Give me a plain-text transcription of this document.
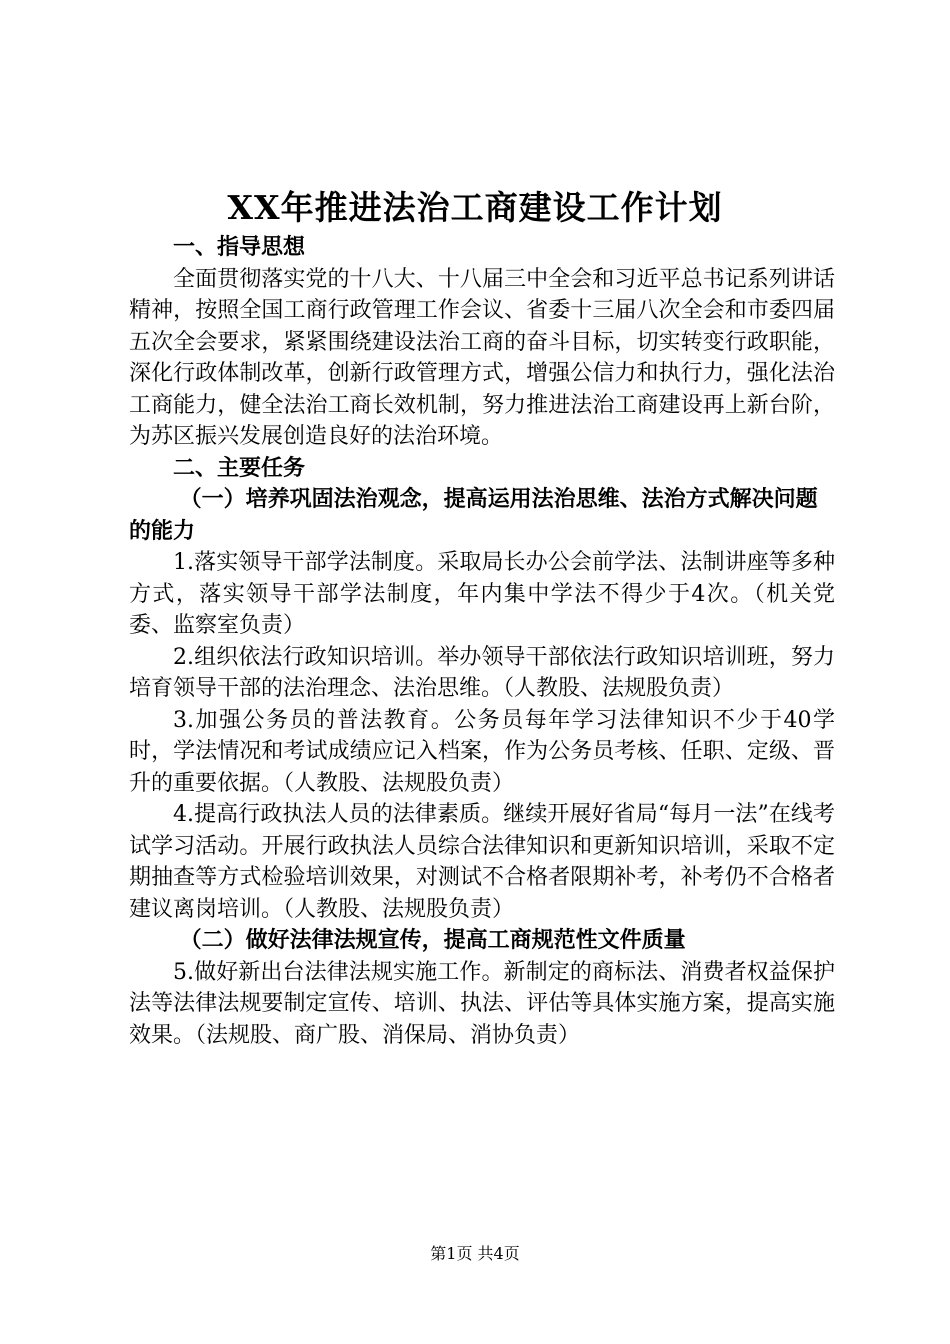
XX年推进法治工商建设工作计划

一、指导思想

全面贯彻落实党的十八大、十八届三中全会和习近平总书记系列讲话精神，按照全国工商行政管理工作会议、省委十三届八次全会和市委四届五次全会要求，紧紧围绕建设法治工商的奋斗目标，切实转变行政职能，深化行政体制改革，创新行政管理方式，增强公信力和执行力，强化法治工商能力，健全法治工商长效机制，努力推进法治工商建设再上新台阶，为苏区振兴发展创造良好的法治环境。

二、主要任务

（一）培养巩固法治观念，提高运用法治思维、法治方式解决问题的能力

1.落实领导干部学法制度。采取局长办公会前学法、法制讲座等多种方式，落实领导干部学法制度，年内集中学法不得少于4次。（机关党委、监察室负责）

2.组织依法行政知识培训。举办领导干部依法行政知识培训班，努力培育领导干部的法治理念、法治思维。（人教股、法规股负责）

3.加强公务员的普法教育。公务员每年学习法律知识不少于40学时，学法情况和考试成绩应记入档案，作为公务员考核、任职、定级、晋升的重要依据。（人教股、法规股负责）

4.提高行政执法人员的法律素质。继续开展好省局“每月一法”在线考试学习活动。开展行政执法人员综合法律知识和更新知识培训，采取不定期抽查等方式检验培训效果，对测试不合格者限期补考，补考仍不合格者建议离岗培训。（人教股、法规股负责）

（二）做好法律法规宣传，提高工商规范性文件质量

5.做好新出台法律法规实施工作。新制定的商标法、消费者权益保护法等法律法规要制定宣传、培训、执法、评估等具体实施方案，提高实施效果。（法规股、商广股、消保局、消协负责）

第1页 共4页
